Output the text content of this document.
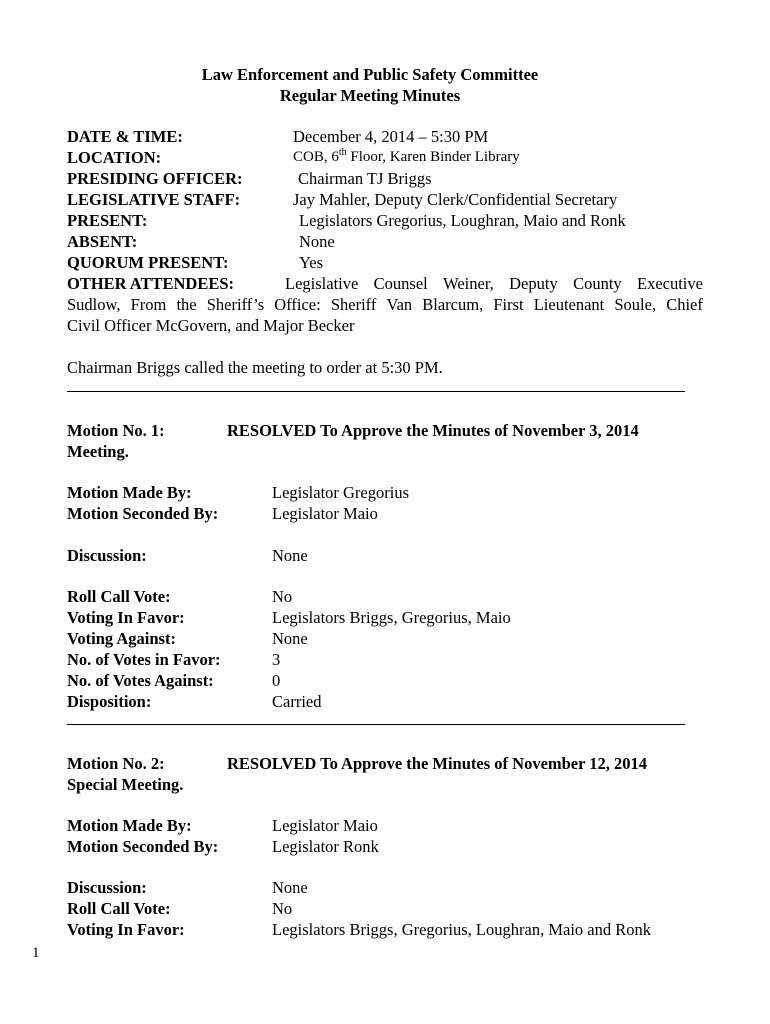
Law Enforcement and Public Safety Committee
Regular Meeting Minutes
DATE & TIME:	December 4, 2014 – 5:30 PM
LOCATION:	COB, 6th Floor, Karen Binder Library
PRESIDING OFFICER:	Chairman TJ Briggs
LEGISLATIVE STAFF:	Jay Mahler, Deputy Clerk/Confidential Secretary
PRESENT:	Legislators Gregorius, Loughran, Maio and Ronk
ABSENT:	None
QUORUM PRESENT:	Yes
OTHER ATTENDEES:	Legislative Counsel Weiner, Deputy County Executive
Sudlow, From the Sheriff’s Office: Sheriff Van Blarcum, First Lieutenant Soule, Chief
Civil Officer McGovern, and Major Becker
Chairman Briggs called the meeting to order at 5:30 PM.
Motion No. 1:	RESOLVED To Approve the Minutes of November 3, 2014
Meeting.
Motion Made By:	Legislator Gregorius
Motion Seconded By:	Legislator Maio
Discussion:	None
Roll Call Vote:	No
Voting In Favor:	Legislators Briggs, Gregorius, Maio
Voting Against:	None
No. of Votes in Favor:	3
No. of Votes Against:	0
Disposition:	Carried
Motion No. 2:	RESOLVED To Approve the Minutes of November 12, 2014
Special Meeting.
Motion Made By:	Legislator Maio
Motion Seconded By:	Legislator Ronk
Discussion:	None
Roll Call Vote:	No
Voting In Favor:	Legislators Briggs, Gregorius, Loughran, Maio and Ronk
1
